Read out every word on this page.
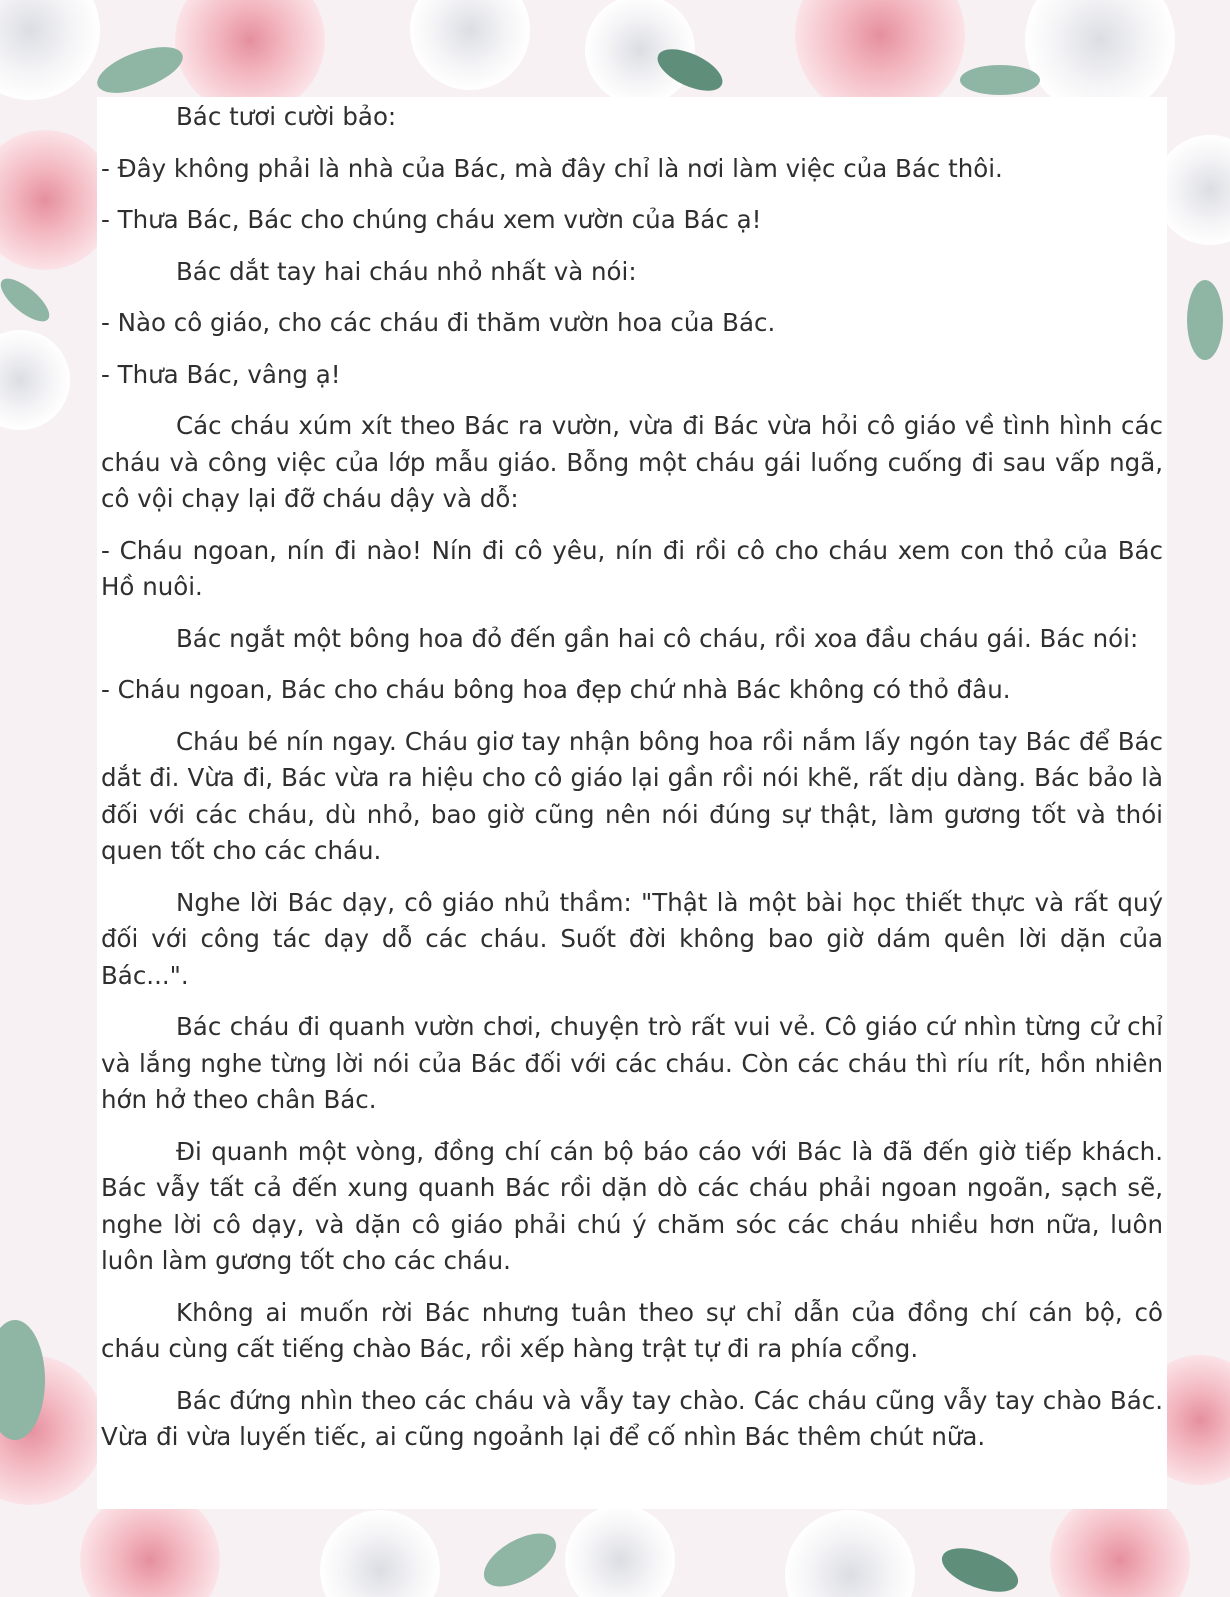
Bác tươi cười bảo:

- Đây không phải là nhà của Bác, mà đây chỉ là nơi làm việc của Bác thôi.

- Thưa Bác, Bác cho chúng cháu xem vườn của Bác ạ!

Bác dắt tay hai cháu nhỏ nhất và nói:

- Nào cô giáo, cho các cháu đi thăm vườn hoa của Bác.

- Thưa Bác, vâng ạ!

Các cháu xúm xít theo Bác ra vườn, vừa đi Bác vừa hỏi cô giáo về tình hình các cháu và công việc của lớp mẫu giáo. Bỗng một cháu gái luống cuống đi sau vấp ngã, cô vội chạy lại đỡ cháu dậy và dỗ:

- Cháu ngoan, nín đi nào! Nín đi cô yêu, nín đi rồi cô cho cháu xem con thỏ của Bác Hồ nuôi.

Bác ngắt một bông hoa đỏ đến gần hai cô cháu, rồi xoa đầu cháu gái. Bác nói:

- Cháu ngoan, Bác cho cháu bông hoa đẹp chứ nhà Bác không có thỏ đâu.

Cháu bé nín ngay. Cháu giơ tay nhận bông hoa rồi nắm lấy ngón tay Bác để Bác dắt đi. Vừa đi, Bác vừa ra hiệu cho cô giáo lại gần rồi nói khẽ, rất dịu dàng. Bác bảo là đối với các cháu, dù nhỏ, bao giờ cũng nên nói đúng sự thật, làm gương tốt và thói quen tốt cho các cháu.

Nghe lời Bác dạy, cô giáo nhủ thầm: "Thật là một bài học thiết thực và rất quý đối với công tác dạy dỗ các cháu. Suốt đời không bao giờ dám quên lời dặn của Bác...".

Bác cháu đi quanh vườn chơi, chuyện trò rất vui vẻ. Cô giáo cứ nhìn từng cử chỉ và lắng nghe từng lời nói của Bác đối với các cháu. Còn các cháu thì ríu rít, hồn nhiên hớn hở theo chân Bác.

Đi quanh một vòng, đồng chí cán bộ báo cáo với Bác là đã đến giờ tiếp khách. Bác vẫy tất cả đến xung quanh Bác rồi dặn dò các cháu phải ngoan ngoãn, sạch sẽ, nghe lời cô dạy, và dặn cô giáo phải chú ý chăm sóc các cháu nhiều hơn nữa, luôn luôn làm gương tốt cho các cháu.

Không ai muốn rời Bác nhưng tuân theo sự chỉ dẫn của đồng chí cán bộ, cô cháu cùng cất tiếng chào Bác, rồi xếp hàng trật tự đi ra phía cổng.

Bác đứng nhìn theo các cháu và vẫy tay chào. Các cháu cũng vẫy tay chào Bác. Vừa đi vừa luyến tiếc, ai cũng ngoảnh lại để cố nhìn Bác thêm chút nữa.
